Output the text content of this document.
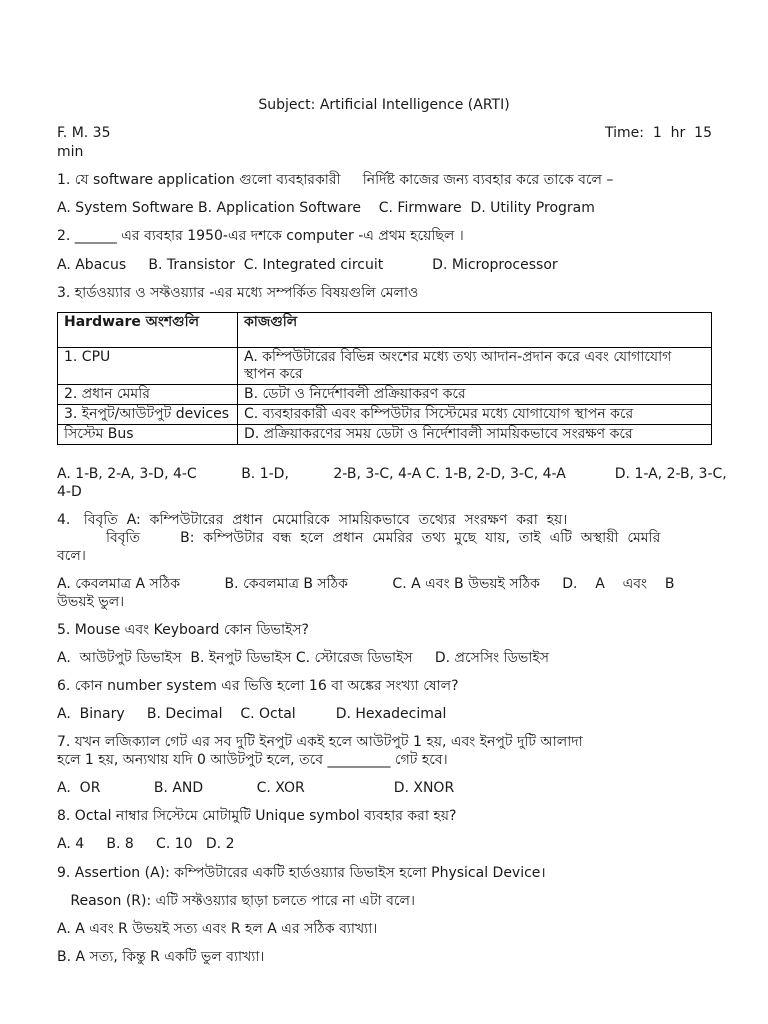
Subject: Artificial Intelligence (ARTI)
F. M. 35	Time:  1  hr  15
min
1. যে software application গুলো ব্যবহারকারী     নির্দিষ্ট কাজের জন্য ব্যবহার করে তাকে বলে –
A. System Software B. Application Software    C. Firmware  D. Utility Program
2. ______ এর ব্যবহার 1950-এর দশকে computer -এ প্রথম হয়েছিল ।
A. Abacus     B. Transistor  C. Integrated circuit           D. Microprocessor
3. হার্ডওয়্যার ও সফ্টওয়্যার -এর মধ্যে সম্পর্কিত বিষয়গুলি মেলাও
Hardware অংশগুলি	কাজগুলি
1. CPU	A. কম্পিউটারের বিভিন্ন অংশের মধ্যে তথ্য আদান-প্রদান করে এবং যোগাযোগ স্থাপন করে
2. প্রধান মেমরি	B. ডেটা ও নির্দেশাবলী প্রক্রিয়াকরণ করে
3. ইনপুট/আউটপুট devices	C. ব্যবহারকারী এবং কম্পিউটার সিস্টেমের মধ্যে যোগাযোগ স্থাপন করে
সিস্টেম Bus	D. প্রক্রিয়াকরণের সময় ডেটা ও নির্দেশাবলী সাময়িকভাবে সংরক্ষণ করে
A. 1-B, 2-A, 3-D, 4-C          B. 1-D,          2-B, 3-C, 4-A C. 1-B, 2-D, 3-C, 4-A           D. 1-A, 2-B, 3-C,
4-D
4.   বিবৃতি  A:  কম্পিউটারের  প্রধান  মেমোরিকে  সাময়িকভাবে  তথ্যের  সংরক্ষণ  করা  হয়।
বিবৃতি         B:  কম্পিউটার  বন্ধ  হলে  প্রধান  মেমরির  তথ্য  মুছে  যায়,  তাই  এটি  অস্থায়ী  মেমরি
বলে।
A. কেবলমাত্র A সঠিক          B. কেবলমাত্র B সঠিক          C. A এবং B উভয়ই সঠিক     D.    A    এবং    B
উভয়ই ভুল।
5. Mouse এবং Keyboard কোন ডিভাইস?
A.  আউটপুট ডিভাইস  B. ইনপুট ডিভাইস C. স্টোরেজ ডিভাইস     D. প্রসেসিং ডিভাইস
6. কোন number system এর ভিত্তি হলো 16 বা অঙ্কের সংখ্যা ষোল?
A.  Binary     B. Decimal    C. Octal         D. Hexadecimal
7. যখন লজিক্যাল গেট এর সব দুটি ইনপুট একই হলে আউটপুট 1 হয়, এবং ইনপুট দুটি আলাদা
হলে 1 হয়, অন্যথায় যদি 0 আউটপুট হলে, তবে _________ গেট হবে।
A.  OR            B. AND            C. XOR                    D. XNOR
8. Octal নাম্বার সিস্টেমে মোটামুটি Unique symbol ব্যবহার করা হয়?
A. 4     B. 8     C. 10   D. 2
9. Assertion (A): কম্পিউটারের একটি হার্ডওয়্যার ডিভাইস হলো Physical Device।
Reason (R): এটি সফ্টওয়্যার ছাড়া চলতে পারে না এটা বলে।
A. A এবং R উভয়ই সত্য এবং R হল A এর সঠিক ব্যাখ্যা।
B. A সত্য, কিন্তু R একটি ভুল ব্যাখ্যা।
